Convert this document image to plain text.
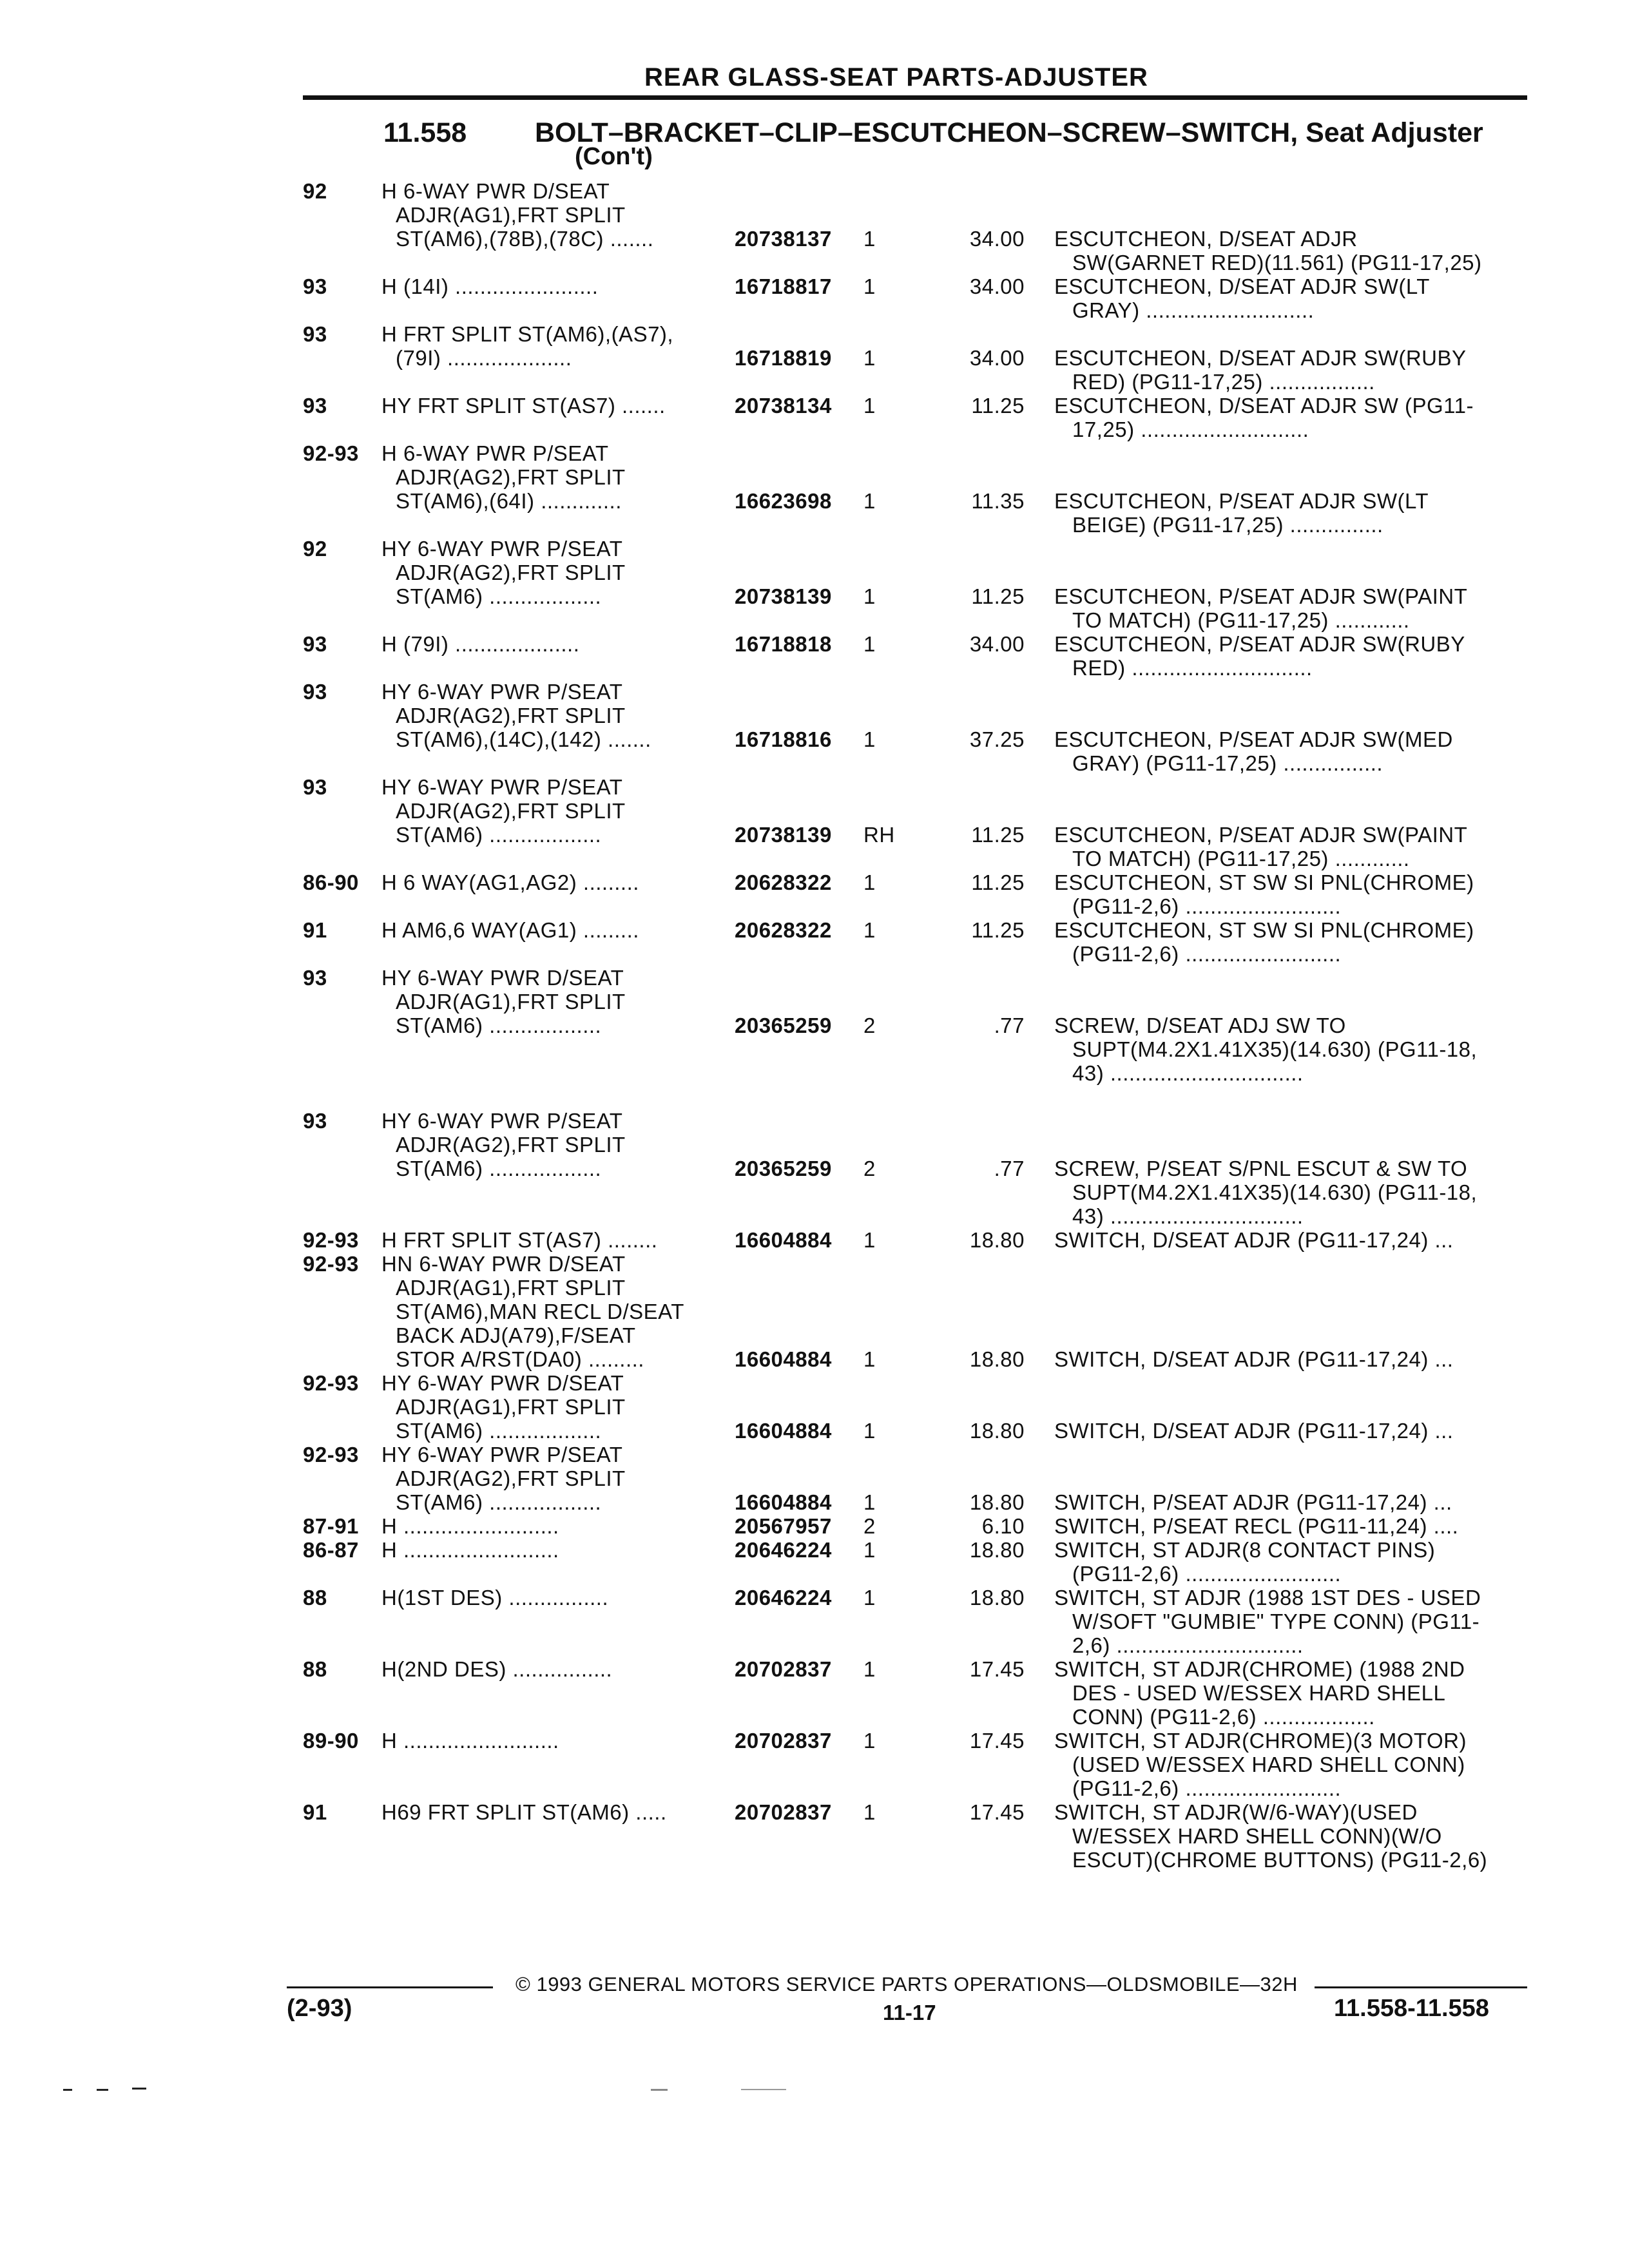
REAR GLASS-SEAT PARTS-ADJUSTER
11.558 BOLT–BRACKET–CLIP–ESCUTCHEON–SCREW–SWITCH, Seat Adjuster
(Con't)
92	H 6-WAY PWR D/SEAT
ADJR(AG1),FRT SPLIT
ST(AM6),(78B),(78C) .......	20738137 1	34.00 ESCUTCHEON, D/SEAT ADJR
SW(GARNET RED)(11.561) (PG11-17,25)
93	H (14I) .......................	16718817 1	34.00 ESCUTCHEON, D/SEAT ADJR SW(LT
GRAY) ...........................
93	H FRT SPLIT ST(AM6),(AS7),
(79I) ....................	16718819 1	34.00 ESCUTCHEON, D/SEAT ADJR SW(RUBY
RED) (PG11-17,25) .................
93	HY FRT SPLIT ST(AS7) .......	20738134 1	11.25 ESCUTCHEON, D/SEAT ADJR SW (PG11-
17,25) ...........................
92-93 H 6-WAY PWR P/SEAT
ADJR(AG2),FRT SPLIT
ST(AM6),(64I) .............	16623698 1	11.35 ESCUTCHEON, P/SEAT ADJR SW(LT
BEIGE) (PG11-17,25) ...............
92	HY 6-WAY PWR P/SEAT
ADJR(AG2),FRT SPLIT
ST(AM6) ..................	20738139 1	11.25 ESCUTCHEON, P/SEAT ADJR SW(PAINT
TO MATCH) (PG11-17,25) ............
93	H (79I) ....................	16718818 1	34.00 ESCUTCHEON, P/SEAT ADJR SW(RUBY
RED) .............................
93	HY 6-WAY PWR P/SEAT
ADJR(AG2),FRT SPLIT
ST(AM6),(14C),(142) .......	16718816 1	37.25 ESCUTCHEON, P/SEAT ADJR SW(MED
GRAY) (PG11-17,25) ................
93	HY 6-WAY PWR P/SEAT
ADJR(AG2),FRT SPLIT
ST(AM6) ..................	20738139 RH	11.25 ESCUTCHEON, P/SEAT ADJR SW(PAINT
TO MATCH) (PG11-17,25) ............
86-90 H 6 WAY(AG1,AG2) .........	20628322 1	11.25 ESCUTCHEON, ST SW SI PNL(CHROME)
(PG11-2,6) .........................
91	H AM6,6 WAY(AG1) .........	20628322 1	11.25 ESCUTCHEON, ST SW SI PNL(CHROME)
(PG11-2,6) .........................
93	HY 6-WAY PWR D/SEAT
ADJR(AG1),FRT SPLIT
ST(AM6) ..................	20365259 2	.77 SCREW, D/SEAT ADJ SW TO
SUPT(M4.2X1.41X35)(14.630) (PG11-18,
43) ...............................
93	HY 6-WAY PWR P/SEAT
ADJR(AG2),FRT SPLIT
ST(AM6) ..................	20365259 2	.77 SCREW, P/SEAT S/PNL ESCUT & SW TO
SUPT(M4.2X1.41X35)(14.630) (PG11-18,
43) ...............................
92-93 H FRT SPLIT ST(AS7) ........	16604884 1	18.80 SWITCH, D/SEAT ADJR (PG11-17,24) ...
92-93 HN 6-WAY PWR D/SEAT
ADJR(AG1),FRT SPLIT
ST(AM6),MAN RECL D/SEAT
BACK ADJ(A79),F/SEAT
STOR A/RST(DA0) .........	16604884 1	18.80 SWITCH, D/SEAT ADJR (PG11-17,24) ...
92-93 HY 6-WAY PWR D/SEAT
ADJR(AG1),FRT SPLIT
ST(AM6) ..................	16604884 1	18.80 SWITCH, D/SEAT ADJR (PG11-17,24) ...
92-93 HY 6-WAY PWR P/SEAT
ADJR(AG2),FRT SPLIT
ST(AM6) ..................	16604884 1	18.80 SWITCH, P/SEAT ADJR (PG11-17,24) ...
87-91 H .........................	20567957 2	6.10 SWITCH, P/SEAT RECL (PG11-11,24) ....
86-87 H .........................	20646224 1	18.80 SWITCH, ST ADJR(8 CONTACT PINS)
(PG11-2,6) .........................
88	H(1ST DES) ................	20646224 1	18.80 SWITCH, ST ADJR (1988 1ST DES - USED
W/SOFT "GUMBIE" TYPE CONN) (PG11-
2,6) ..............................
88	H(2ND DES) ................	20702837 1	17.45 SWITCH, ST ADJR(CHROME) (1988 2ND
DES - USED W/ESSEX HARD SHELL
CONN) (PG11-2,6) ..................
89-90 H .........................	20702837 1	17.45 SWITCH, ST ADJR(CHROME)(3 MOTOR)
(USED W/ESSEX HARD SHELL CONN)
(PG11-2,6) .........................
91	H69 FRT SPLIT ST(AM6) .....	20702837 1	17.45 SWITCH, ST ADJR(W/6-WAY)(USED
W/ESSEX HARD SHELL CONN)(W/O
ESCUT)(CHROME BUTTONS) (PG11-2,6)
© 1993 GENERAL MOTORS SERVICE PARTS OPERATIONS—OLDSMOBILE—32H
(2-93)	11-17	11.558-11.558
